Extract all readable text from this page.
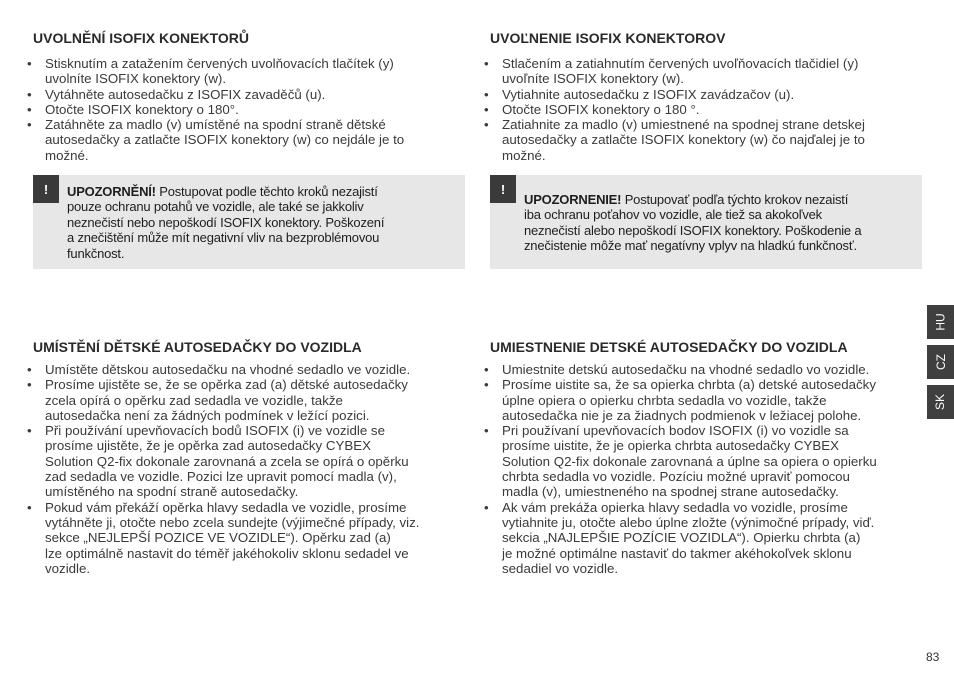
UVOLNĚNÍ ISOFIX KONEKTORŮ
• Stisknutím a zatažením červených uvolňovacích tlačítek (y)
uvolníte ISOFIX konektory (w).
• Vytáhněte autosedačku z ISOFIX zavaděčů (u).
• Otočte ISOFIX konektory o 180°.
• Zatáhněte za madlo (v) umístěné na spodní straně dětské
autosedačky a zatlačte ISOFIX konektory (w) co nejdále je to
možné.
!	UPOZORNĚNÍ! Postupovat podle těchto kroků nezajistí
pouze ochranu potahů ve vozidle, ale také se jakkoliv
neznečistí nebo nepoškodí ISOFIX konektory. Poškození
a znečištění může mít negativní vliv na bezproblémovou
funkčnost.
UMÍSTĚNÍ DĚTSKÉ AUTOSEDAČKY DO VOZIDLA
• Umístěte dětskou autosedačku na vhodné sedadlo ve vozidle.
• Prosíme ujistěte se, že se opěrka zad (a) dětské autosedačky
zcela opírá o opěrku zad sedadla ve vozidle, takže
autosedačka není za žádných podmínek v ležící pozici.
• Při používání upevňovacích bodů ISOFIX (i) ve vozidle se
prosíme ujistěte, že je opěrka zad autosedačky CYBEX
Solution Q2-fix dokonale zarovnaná a zcela se opírá o opěrku
zad sedadla ve vozidle. Pozici lze upravit pomocí madla (v),
umístěného na spodní straně autosedačky.
• Pokud vám překáží opěrka hlavy sedadla ve vozidle, prosíme
vytáhněte ji, otočte nebo zcela sundejte (výjimečné případy, viz.
sekce „NEJLEPŠÍ POZICE VE VOZIDLE“). Opěrku zad (a)
lze optimálně nastavit do téměř jakéhokoliv sklonu sedadel ve
vozidle.
UVOĽNENIE ISOFIX KONEKTOROV
• Stlačením a zatiahnutím červených uvoľňovacích tlačidiel (y)
uvoľníte ISOFIX konektory (w).
• Vytiahnite autosedačku z ISOFIX zavádzačov (u).
• Otočte ISOFIX konektory o 180 °.
• Zatiahnite za madlo (v) umiestnené na spodnej strane detskej
autosedačky a zatlačte ISOFIX konektory (w) čo najďalej je to
možné.
!
UPOZORNENIE! Postupovať podľa týchto krokov nezaistí
iba ochranu poťahov vo vozidle, ale tiež sa akokoľvek
neznečistí alebo nepoškodí ISOFIX konektory. Poškodenie a
znečistenie môže mať negatívny vplyv na hladkú funkčnosť.
UMIESTNENIE DETSKÉ AUTOSEDAČKY DO VOZIDLA
• Umiestnite detskú autosedačku na vhodné sedadlo vo vozidle.
• Prosíme uistite sa, že sa opierka chrbta (a) detské autosedačky
úplne opiera o opierku chrbta sedadla vo vozidle, takže
autosedačka nie je za žiadnych podmienok v ležiacej polohe.
• Pri používaní upevňovacích bodov ISOFIX (i) vo vozidle sa
prosíme uistite, že je opierka chrbta autosedačky CYBEX
Solution Q2-fix dokonale zarovnaná a úplne sa opiera o opierku
chrbta sedadla vo vozidle. Pozíciu možné upraviť pomocou
madla (v), umiestneného na spodnej strane autosedačky.
• Ak vám prekáža opierka hlavy sedadla vo vozidle, prosíme
vytiahnite ju, otočte alebo úplne zložte (výnimočné prípady, viď.
sekcia „NAJLEPŠIE POZÍCIE VOZIDLA“). Opierku chrbta (a)
je možné optimálne nastaviť do takmer akéhokoľvek sklonu
sedadiel vo vozidle.
HU
CZ
SK
83
